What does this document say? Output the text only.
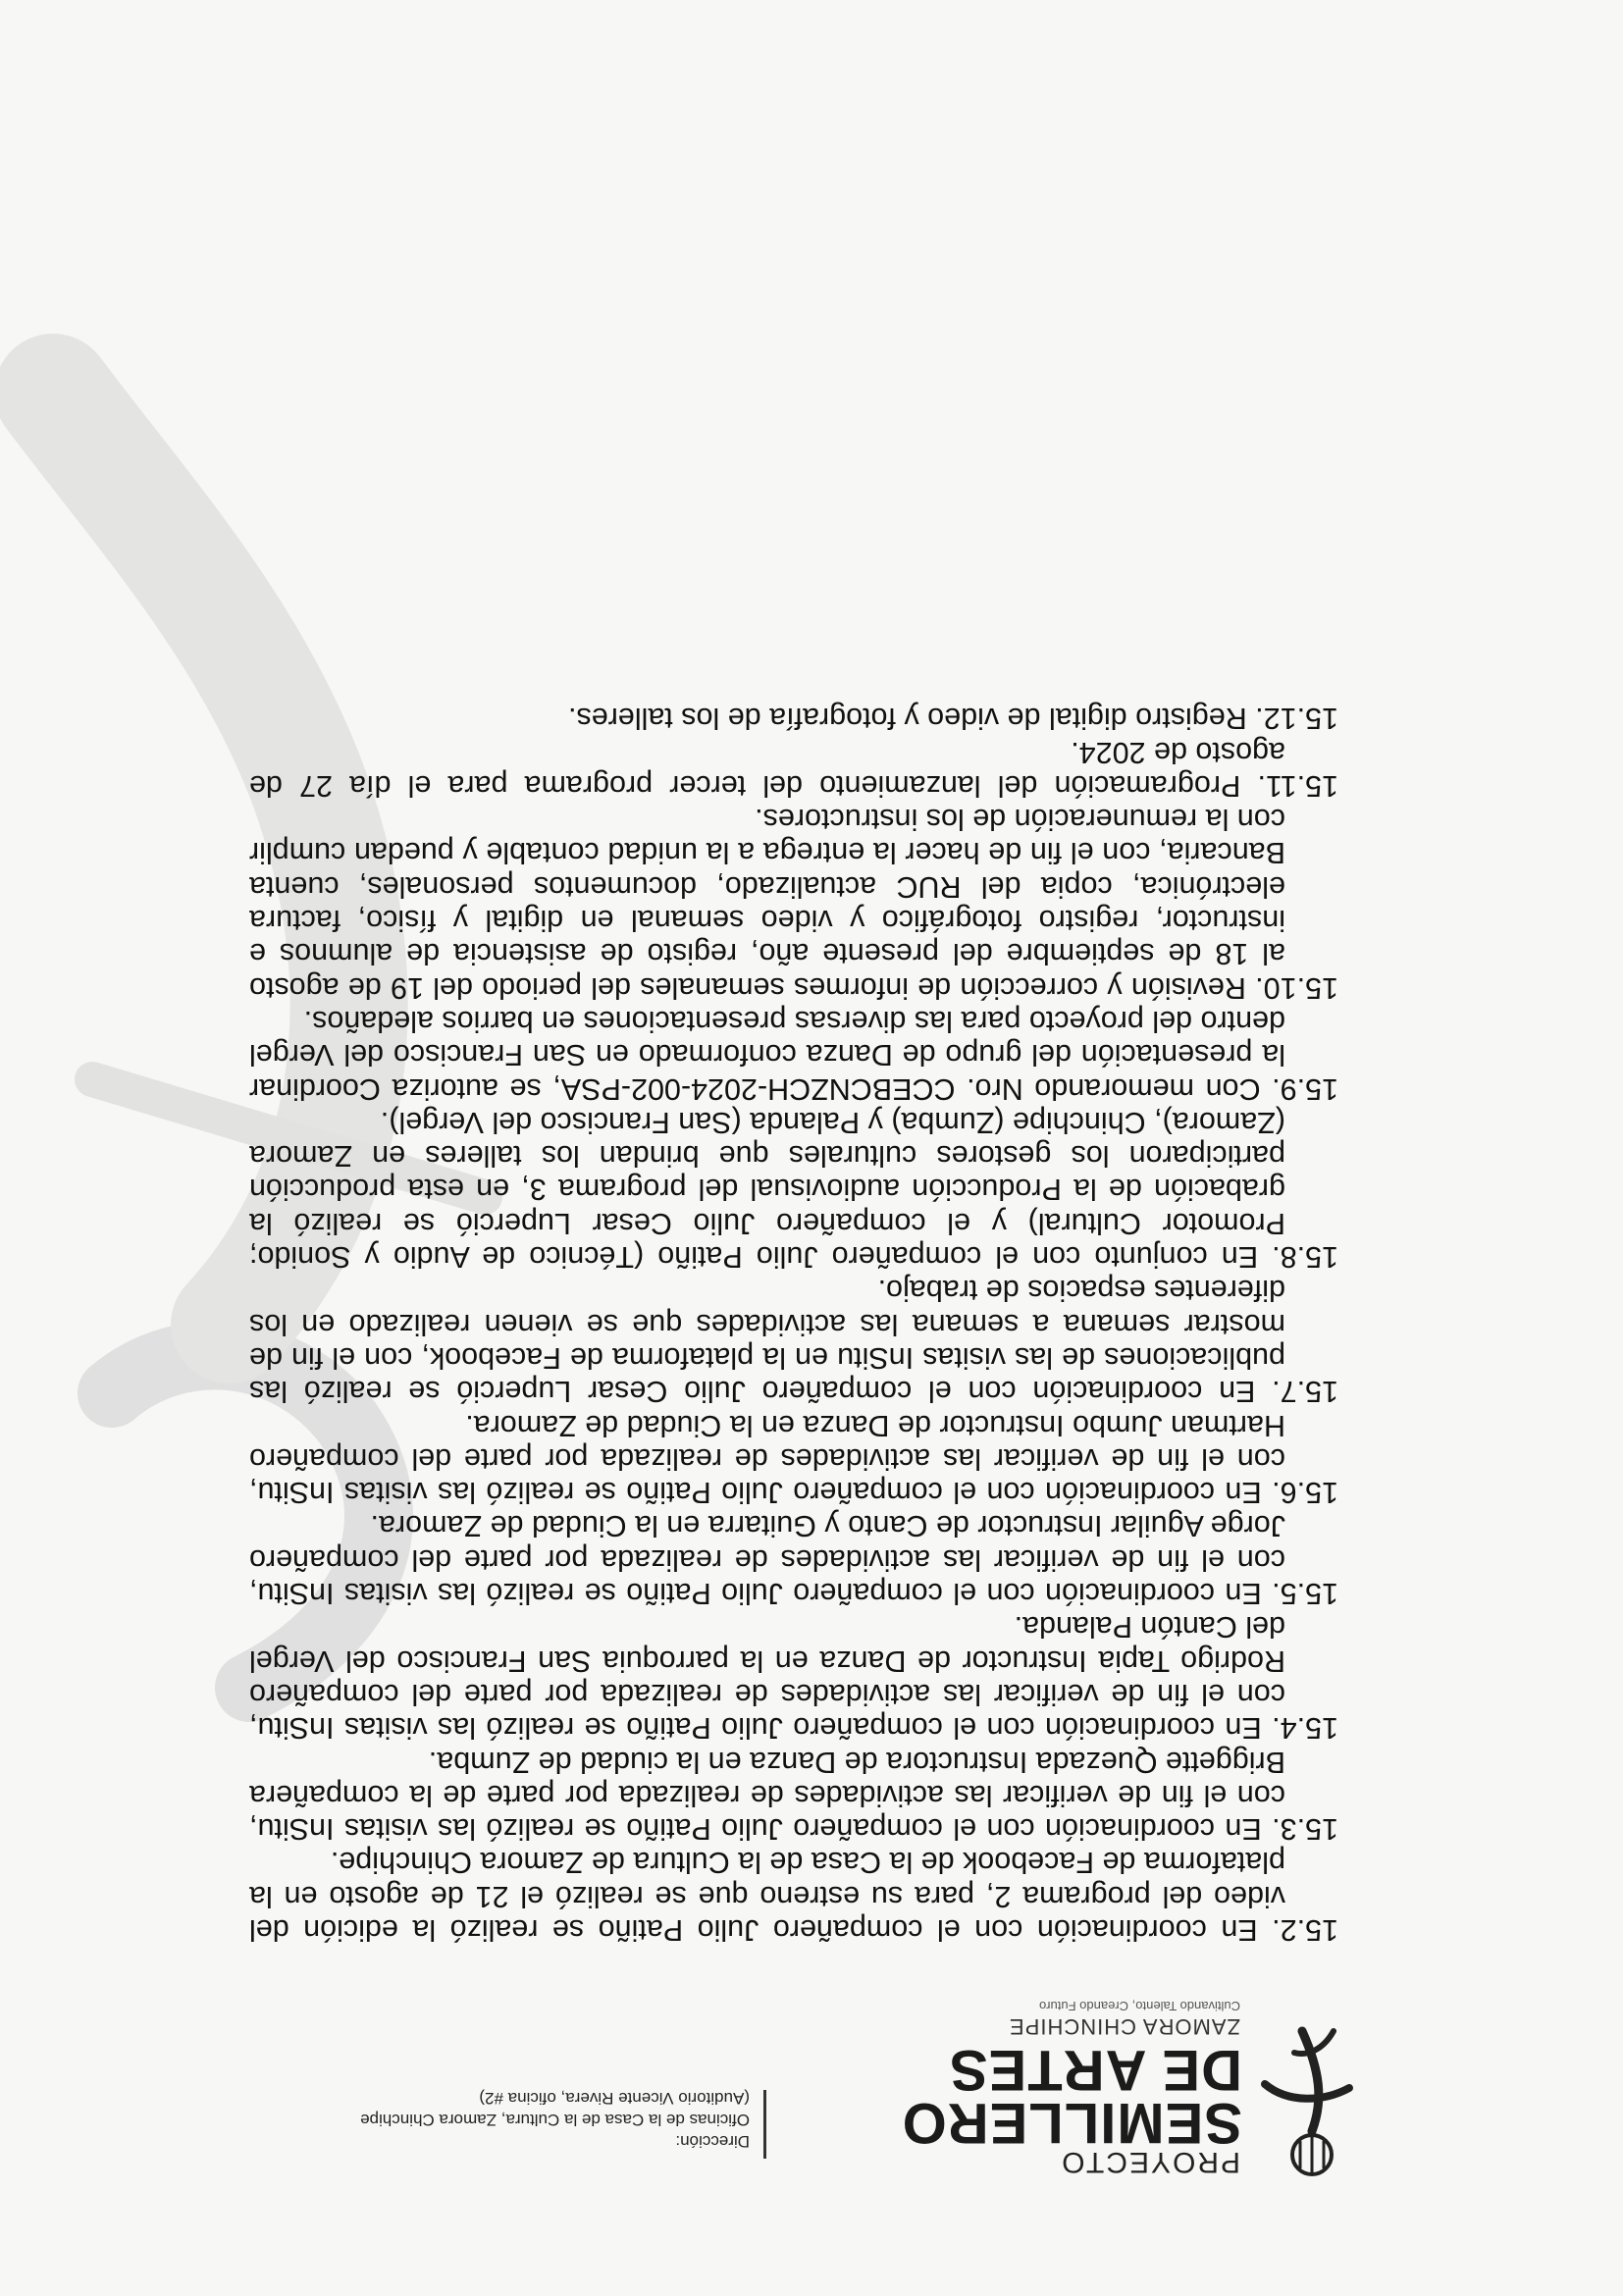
PROYECTO
SEMILLERO
DE ARTES
ZAMORA CHINCHIPE
Cultivando Talento, Creando Futuro
Dirección:
Oficinas de la Casa de la Cultura, Zamora Chinchipe
(Auditorio Vicente Rivera, oficina #2)

15.2. En coordinación con el compañero Julio Patiño se realizó la edición del video del programa 2, para su estreno que se realizó el 21 de agosto en la plataforma de Facebook de la Casa de la Cultura de Zamora Chinchipe.

15.3. En coordinación con el compañero Julio Patiño se realizó las visitas InSitu, con el fin de verificar las actividades de realizada por parte de la compañera Briggette Quezada Instructora de Danza en la ciudad de Zumba.

15.4. En coordinación con el compañero Julio Patiño se realizó las visitas InSitu, con el fin de verificar las actividades de realizada por parte del compañero Rodrigo Tapia Instructor de Danza en la parroquia San Francisco del Vergel del Cantón Palanda.

15.5. En coordinación con el compañero Julio Patiño se realizó las visitas InSitu, con el fin de verificar las actividades de realizada por parte del compañero Jorge Aguilar Instructor de Canto y Guitarra en la Ciudad de Zamora.

15.6. En coordinación con el compañero Julio Patiño se realizó las visitas InSitu, con el fin de verificar las actividades de realizada por parte del compañero Hartman Jumbo Instructor de Danza en la Ciudad de Zamora.

15.7. En coordinación con el compañero Julio Cesar Luperció se realizó las publicaciones de las visitas InSitu en la plataforma de Facebook, con el fin de mostrar semana a semana las actividades que se vienen realizado en los diferentes espacios de trabajo.

15.8. En conjunto con el compañero Julio Patiño (Técnico de Audio y Sonido; Promotor Cultural) y el compañero Julio Cesar Luperció se realizó la grabación de la Producción audiovisual del programa 3, en esta producción participaron los gestores culturales que brindan los talleres en Zamora (Zamora), Chinchipe (Zumba) y Palanda (San Francisco del Vergel).

15.9. Con memorando Nro. CCEBCNZCH-2024-002-PSA, se autoriza Coordinar la presentación del grupo de Danza conformado en San Francisco del Vergel dentro del proyecto para las diversas presentaciones en barrios aledaños.

15.10. Revisión y corrección de informes semanales del periodo del 19 de agosto al 18 de septiembre del presente año, registo de asistencia de alumnos e instructor, registro fotográfico y video semanal en digital y físico, factura electrónica, copia del RUC actualizado, documentos personales, cuenta Bancaria, con el fin de hacer la entrega a la unidad contable y puedan cumplir con la remuneración de los instructores.

15.11. Programación del lanzamiento del tercer programa para el día 27 de agosto de 2024.

15.12. Registro digital de video y fotografía de los talleres.
